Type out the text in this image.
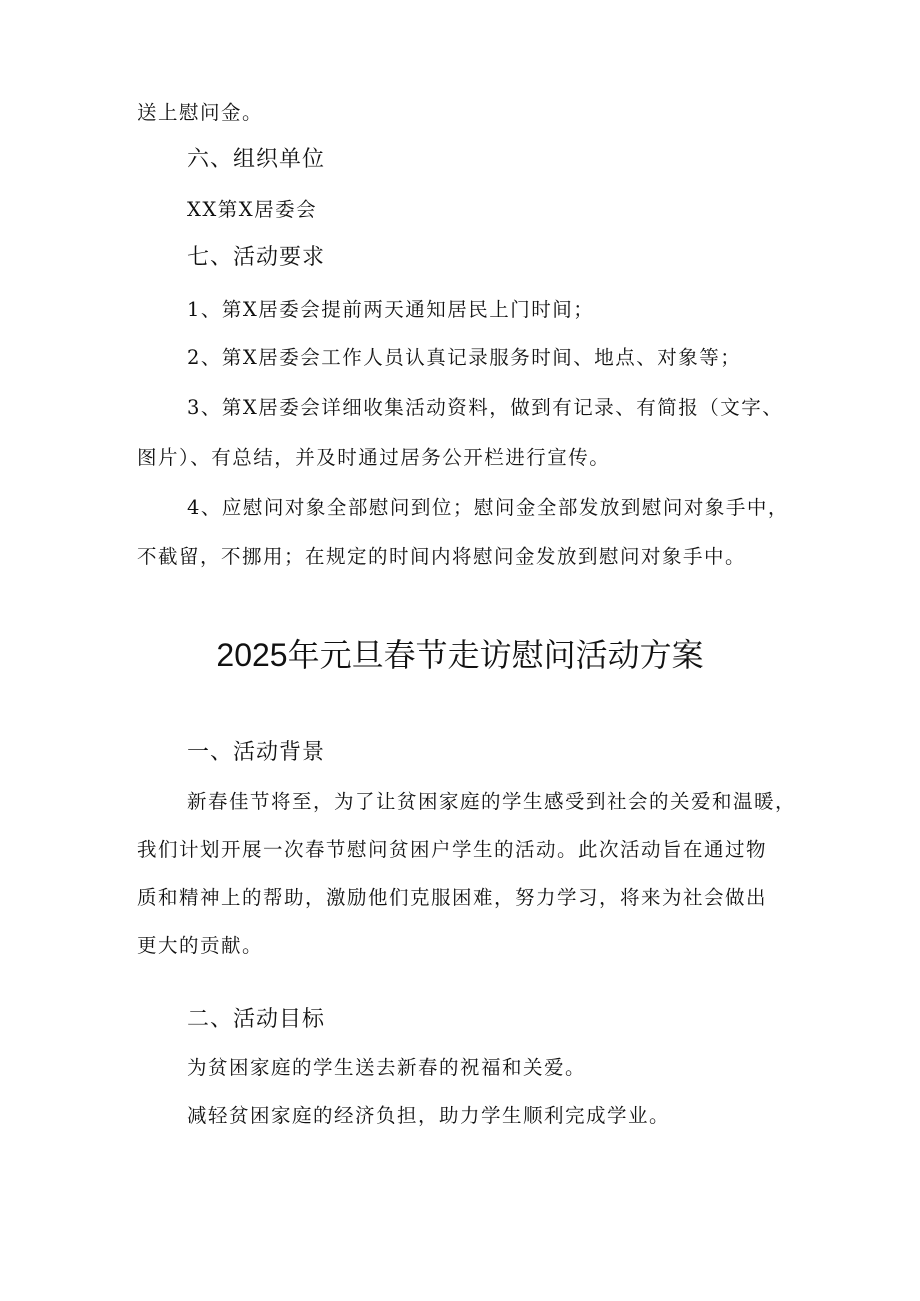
送上慰问金。
六、组织单位
XX第X居委会
七、活动要求
1、第X居委会提前两天通知居民上门时间；
2、第X居委会工作人员认真记录服务时间、地点、对象等；
3、第X居委会详细收集活动资料，做到有记录、有简报（文字、
图片）、有总结，并及时通过居务公开栏进行宣传。
4、应慰问对象全部慰问到位；慰问金全部发放到慰问对象手中，
不截留，不挪用；在规定的时间内将慰问金发放到慰问对象手中。
2025年元旦春节走访慰问活动方案
一、活动背景
新春佳节将至，为了让贫困家庭的学生感受到社会的关爱和温暖，
我们计划开展一次春节慰问贫困户学生的活动。此次活动旨在通过物
质和精神上的帮助，激励他们克服困难，努力学习，将来为社会做出
更大的贡献。
二、活动目标
为贫困家庭的学生送去新春的祝福和关爱。
减轻贫困家庭的经济负担，助力学生顺利完成学业。
